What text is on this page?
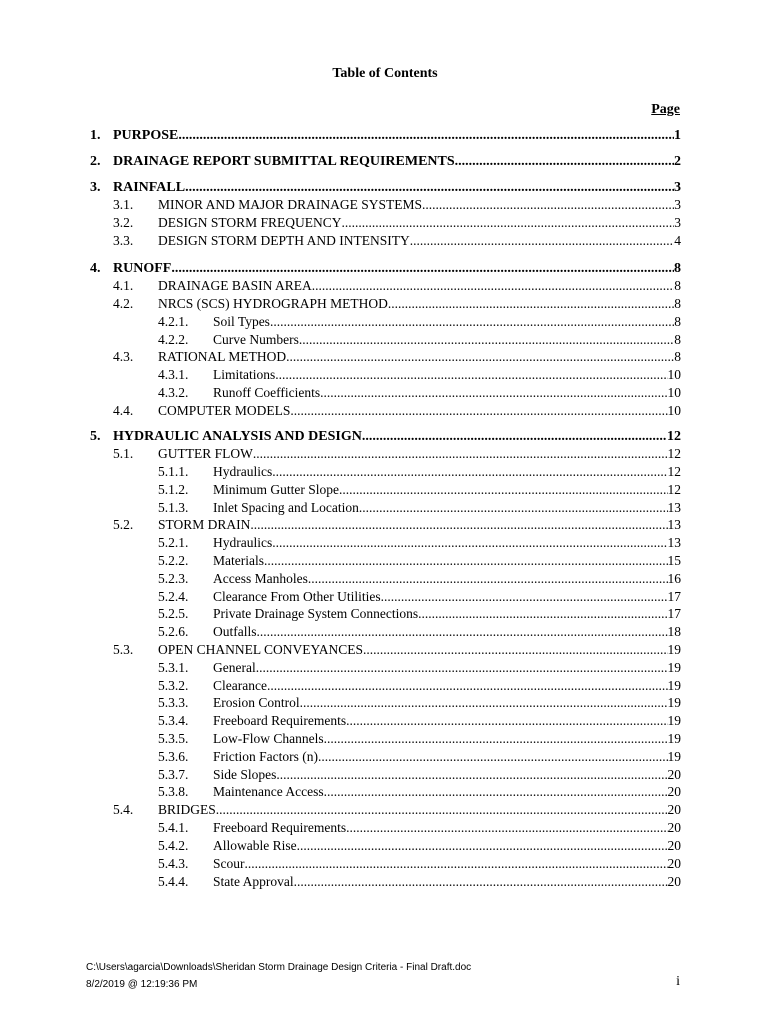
Table of Contents
Page
1. PURPOSE .....	1
2. DRAINAGE REPORT SUBMITTAL REQUIREMENTS .....	2
3. RAINFALL .....	3
3.1. MINOR AND MAJOR DRAINAGE SYSTEMS .....	3
3.2. DESIGN STORM FREQUENCY .....	3
3.3. DESIGN STORM DEPTH AND INTENSITY .....	4
4. RUNOFF .....	8
4.1. DRAINAGE BASIN AREA .....	8
4.2. NRCS (SCS) HYDROGRAPH METHOD .....	8
4.2.1. Soil Types .....	8
4.2.2. Curve Numbers .....	8
4.3. RATIONAL METHOD .....	8
4.3.1. Limitations .....	10
4.3.2. Runoff Coefficients .....	10
4.4. COMPUTER MODELS .....	10
5. HYDRAULIC ANALYSIS AND DESIGN .....	12
5.1. GUTTER FLOW .....	12
5.1.1. Hydraulics .....	12
5.1.2. Minimum Gutter Slope .....	12
5.1.3. Inlet Spacing and Location .....	13
5.2. STORM DRAIN .....	13
5.2.1. Hydraulics .....	13
5.2.2. Materials .....	15
5.2.3. Access Manholes .....	16
5.2.4. Clearance From Other Utilities .....	17
5.2.5. Private Drainage System Connections .....	17
5.2.6. Outfalls .....	18
5.3. OPEN CHANNEL CONVEYANCES .....	19
5.3.1. General .....	19
5.3.2. Clearance .....	19
5.3.3. Erosion Control .....	19
5.3.4. Freeboard Requirements .....	19
5.3.5. Low-Flow Channels .....	19
5.3.6. Friction Factors (n) .....	19
5.3.7. Side Slopes .....	20
5.3.8. Maintenance Access .....	20
5.4. BRIDGES .....	20
5.4.1. Freeboard Requirements .....	20
5.4.2. Allowable Rise .....	20
5.4.3. Scour .....	20
5.4.4. State Approval .....	20
C:\Users\agarcia\Downloads\Sheridan Storm Drainage Design Criteria - Final Draft.doc
8/2/2019 @ 12:19:36 PM	i
